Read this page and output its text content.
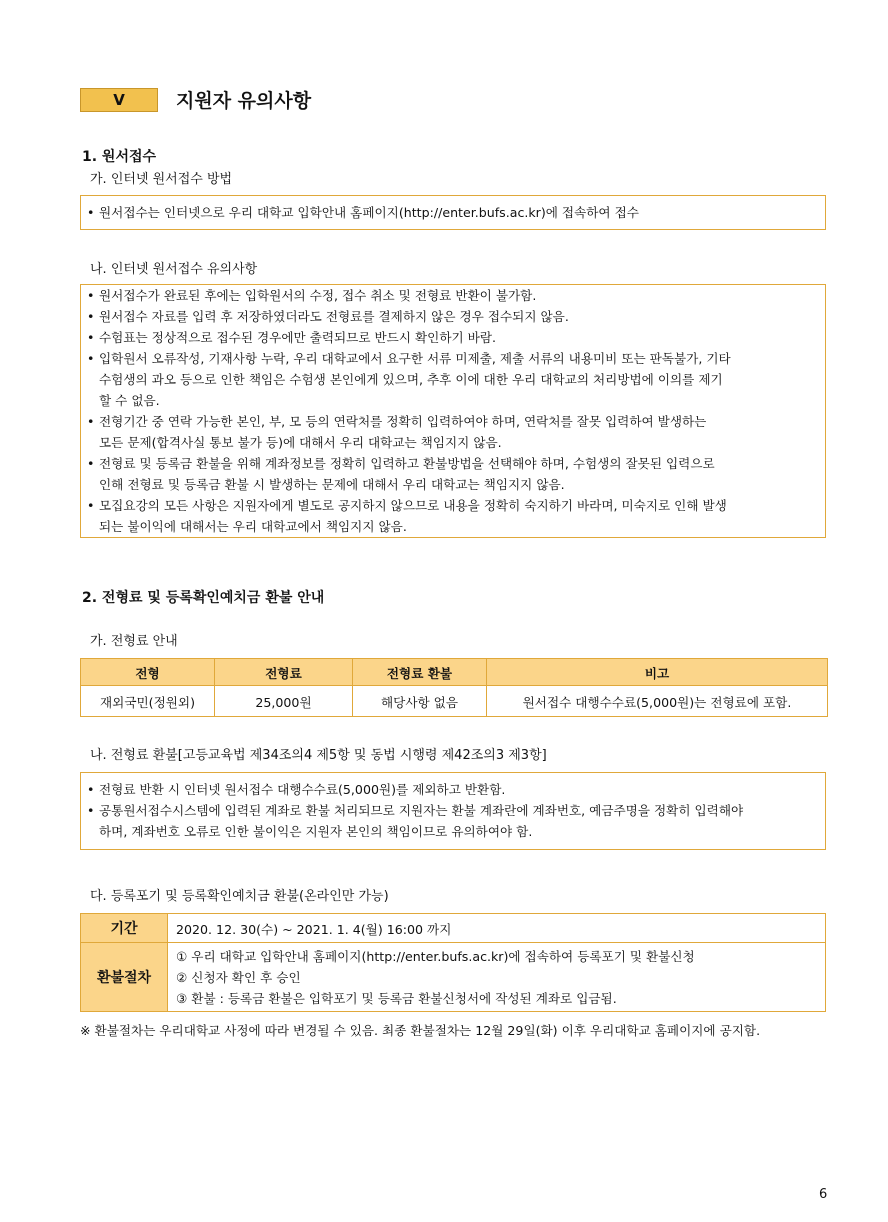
V	지원자 유의사항
1. 원서접수
가. 인터넷 원서접수 방법
• 원서접수는 인터넷으로 우리 대학교 입학안내 홈페이지(http://enter.bufs.ac.kr)에 접속하여 접수
나. 인터넷 원서접수 유의사항
• 원서접수가 완료된 후에는 입학원서의 수정, 접수 취소 및 전형료 반환이 불가함.
• 원서접수 자료를 입력 후 저장하였더라도 전형료를 결제하지 않은 경우 접수되지 않음.
• 수험표는 정상적으로 접수된 경우에만 출력되므로 반드시 확인하기 바람.
• 입학원서 오류작성, 기재사항 누락, 우리 대학교에서 요구한 서류 미제출, 제출 서류의 내용미비 또는 판독불가, 기타
수험생의 과오 등으로 인한 책임은 수험생 본인에게 있으며, 추후 이에 대한 우리 대학교의 처리방법에 이의를 제기
할 수 없음.
• 전형기간 중 연락 가능한 본인, 부, 모 등의 연락처를 정확히 입력하여야 하며, 연락처를 잘못 입력하여 발생하는
모든 문제(합격사실 통보 불가 등)에 대해서 우리 대학교는 책임지지 않음.
• 전형료 및 등록금 환불을 위해 계좌정보를 정확히 입력하고 환불방법을 선택해야 하며, 수험생의 잘못된 입력으로
인해 전형료 및 등록금 환불 시 발생하는 문제에 대해서 우리 대학교는 책임지지 않음.
• 모집요강의 모든 사항은 지원자에게 별도로 공지하지 않으므로 내용을 정확히 숙지하기 바라며, 미숙지로 인해 발생
되는 불이익에 대해서는 우리 대학교에서 책임지지 않음.
2. 전형료 및 등록확인예치금 환불 안내
가. 전형료 안내
전형	전형료	전형료 환불	비고
재외국민(정원외)	25,000원	해당사항 없음	원서접수 대행수수료(5,000원)는 전형료에 포함.
나. 전형료 환불[고등교육법 제34조의4 제5항 및 동법 시행령 제42조의3 제3항]
• 전형료 반환 시 인터넷 원서접수 대행수수료(5,000원)를 제외하고 반환함.
• 공통원서접수시스템에 입력된 계좌로 환불 처리되므로 지원자는 환불 계좌란에 계좌번호, 예금주명을 정확히 입력해야
하며, 계좌번호 오류로 인한 불이익은 지원자 본인의 책임이므로 유의하여야 함.
다. 등록포기 및 등록확인예치금 환불(온라인만 가능)
기간	2020. 12. 30(수) ~ 2021. 1. 4(월) 16:00 까지
환불절차	① 우리 대학교 입학안내 홈페이지(http://enter.bufs.ac.kr)에 접속하여 등록포기 및 환불신청
② 신청자 확인 후 승인
③ 환불 : 등록금 환불은 입학포기 및 등록금 환불신청서에 작성된 계좌로 입금됨.
※ 환불절차는 우리대학교 사정에 따라 변경될 수 있음. 최종 환불절차는 12월 29일(화) 이후 우리대학교 홈페이지에 공지함.
6
